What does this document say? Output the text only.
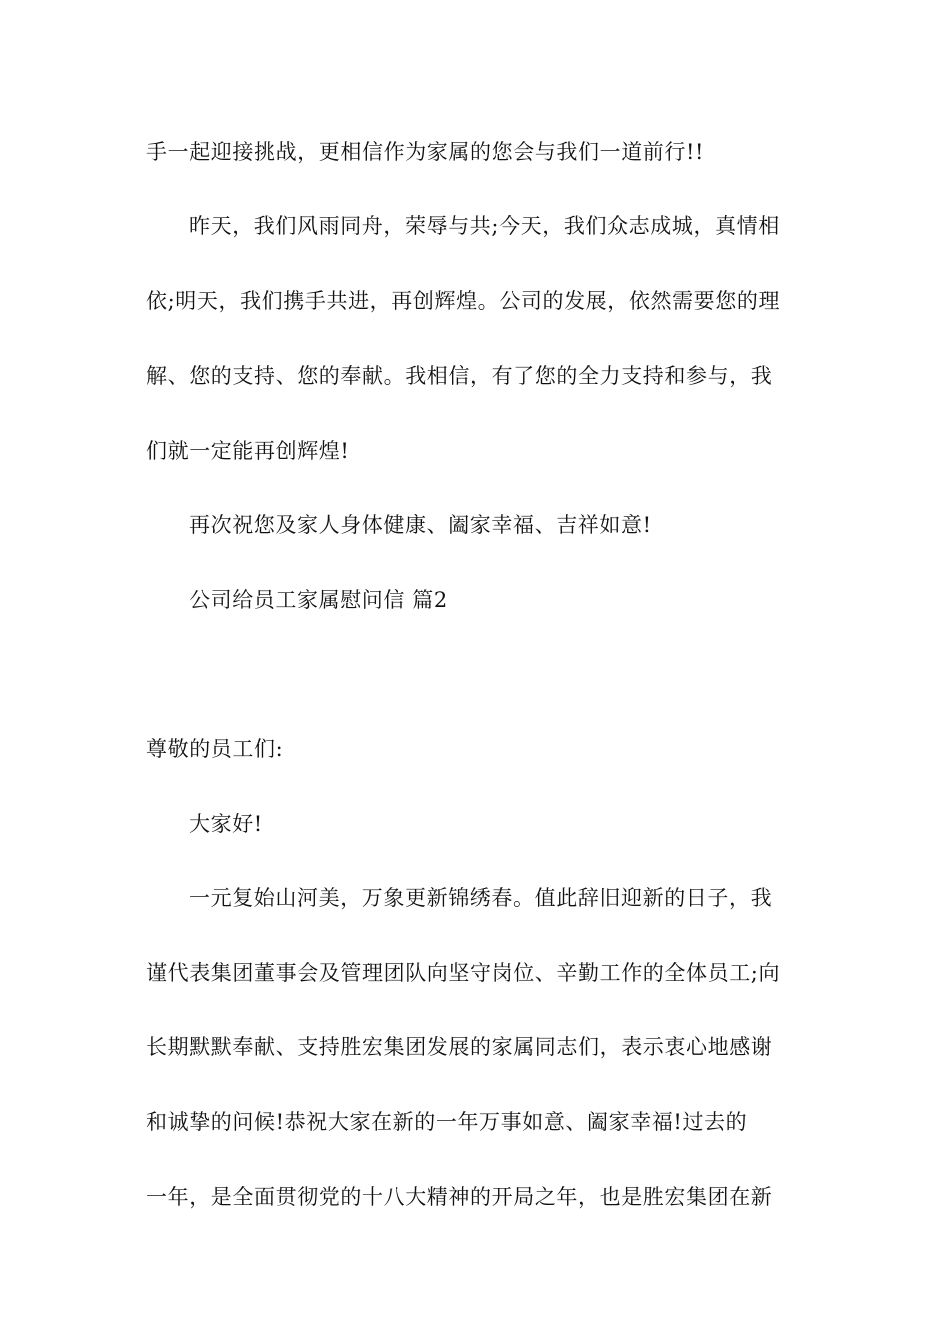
手一起迎接挑战，更相信作为家属的您会与我们一道前行!!
昨天，我们风雨同舟，荣辱与共;今天，我们众志成城，真情相
依;明天，我们携手共进，再创辉煌。公司的发展，依然需要您的理
解、您的支持、您的奉献。我相信，有了您的全力支持和参与，我
们就一定能再创辉煌!
再次祝您及家人身体健康、阖家幸福、吉祥如意!
公司给员工家属慰问信 篇2
尊敬的员工们:
大家好!
一元复始山河美，万象更新锦绣春。值此辞旧迎新的日子，我
谨代表集团董事会及管理团队向坚守岗位、辛勤工作的全体员工;向
长期默默奉献、支持胜宏集团发展的家属同志们，表示衷心地感谢
和诚挚的问候!恭祝大家在新的一年万事如意、阖家幸福!过去的
一年，是全面贯彻党的十八大精神的开局之年，也是胜宏集团在新
